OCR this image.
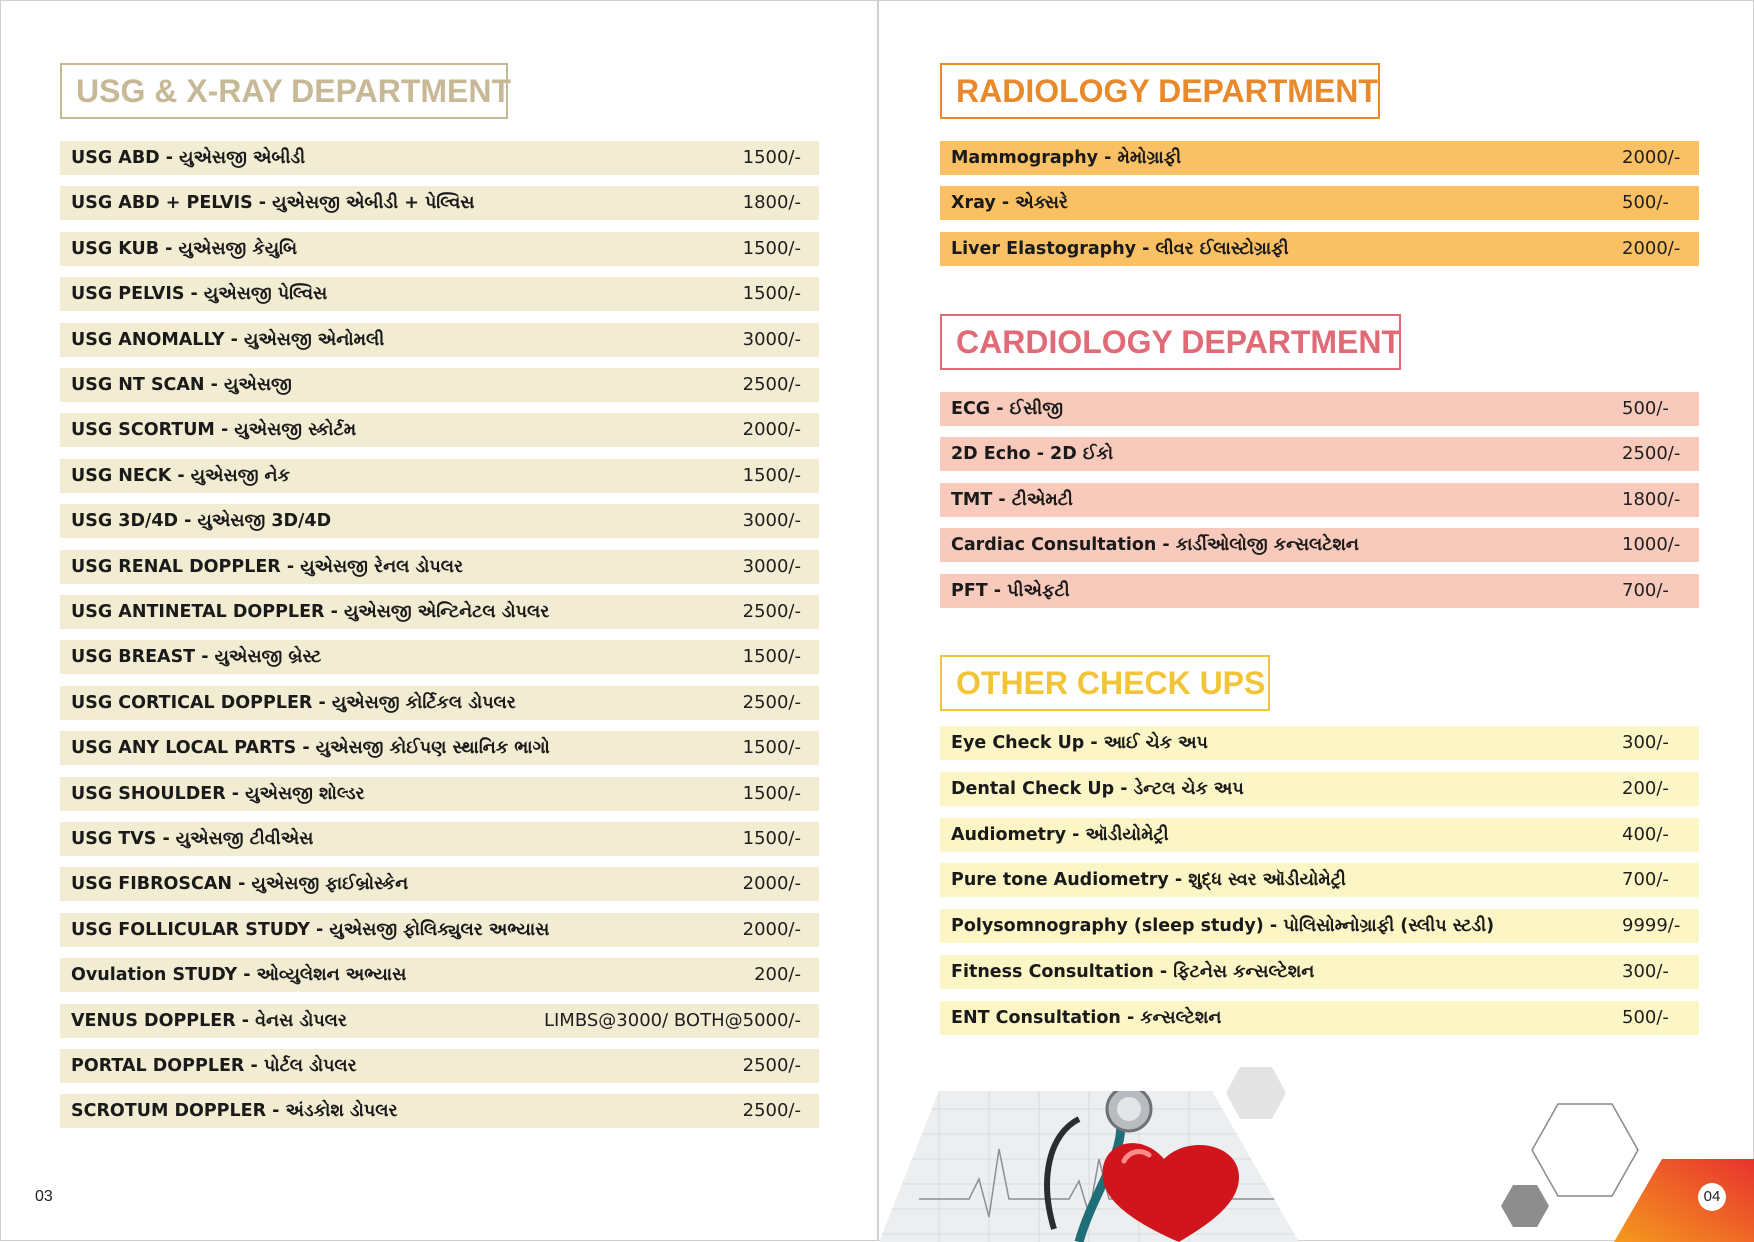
USG & X-RAY DEPARTMENT
USG ABD - યુએસજી એબીડી	1500/-
USG ABD + PELVIS - યુએસજી એબીડી + પેલ્વિસ	1800/-
USG KUB - યુએસજી કેયુબિ	1500/-
USG PELVIS - યુએસજી પેલ્વિસ	1500/-
USG ANOMALLY - યુએસજી એનોમલી	3000/-
USG NT SCAN - યુએસજી	2500/-
USG SCORTUM - યુએસજી સ્કોર્ટમ	2000/-
USG NECK - યુએસજી નેક	1500/-
USG 3D/4D - યુએસજી 3D/4D	3000/-
USG RENAL DOPPLER - યુએસજી રેનલ ડોપલર	3000/-
USG ANTINETAL DOPPLER - યુએસજી એન્ટિનેટલ ડોપલર	2500/-
USG BREAST - યુએસજી બ્રેસ્ટ	1500/-
USG CORTICAL DOPPLER - યુએસજી કોર્ટિકલ ડોપલર	2500/-
USG ANY LOCAL PARTS - યુએસજી કોઈપણ સ્થાનિક ભાગો	1500/-
USG SHOULDER - યુએસજી શોલ્ડર	1500/-
USG TVS - યુએસજી ટીવીએસ	1500/-
USG FIBROSCAN - યુએસજી ફાઈબ્રોસ્કેન	2000/-
USG FOLLICULAR STUDY - યુએસજી ફોલિક્યુલર અભ્યાસ	2000/-
Ovulation STUDY - ઓવ્યુલેશન અભ્યાસ	200/-
VENUS DOPPLER - વેનસ ડોપલર	LIMBS@3000/ BOTH@5000/-
PORTAL DOPPLER - પોર્ટલ ડોપલર	2500/-
SCROTUM DOPPLER - અંડકોશ ડોપલર	2500/-
03
RADIOLOGY DEPARTMENT
Mammography - મેમોગ્રાફી	2000/-
Xray - એક્સરે	500/-
Liver Elastography - લીવર ઈલાસ્ટોગ્રાફી	2000/-
CARDIOLOGY DEPARTMENT
ECG - ઈસીજી	500/-
2D Echo - 2D ઈકો	2500/-
TMT - ટીએમટી	1800/-
Cardiac Consultation - કાર્ડીઓલોજી કન્સલટેશન	1000/-
PFT - પીએફટી	700/-
OTHER CHECK UPS
Eye Check Up - આઈ ચેક અપ	300/-
Dental Check Up - ડેન્ટલ ચેક અપ	200/-
Audiometry - ઑડીયોમેટ્રી	400/-
Pure tone Audiometry - શુદ્ધ સ્વર ઑડીયોમેટ્રી	700/-
Polysomnography (sleep study) - પોલિસોમ્નોગ્રાફી (સ્લીપ સ્ટડી)	9999/-
Fitness Consultation - ફિટનેસ કન્સલ્ટેશન	300/-
ENT Consultation - કન્સલ્ટેશન	500/-
04
